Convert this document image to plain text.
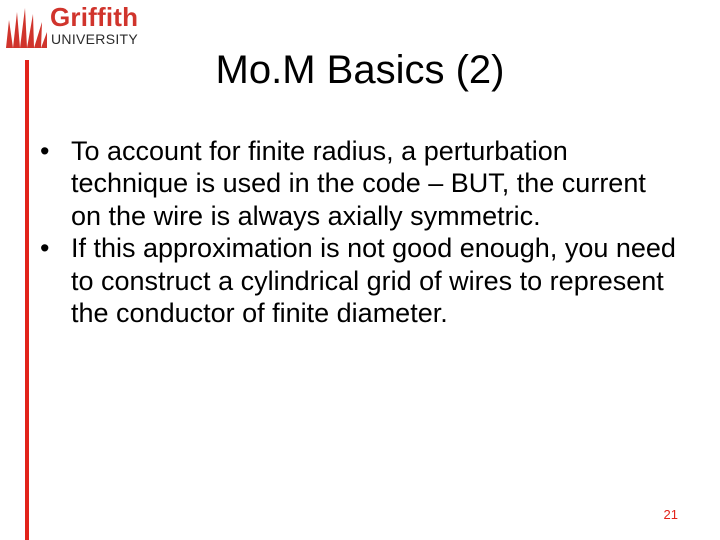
Griffith
UNIVERSITY
Mo.M Basics (2)
• To account for finite radius, a perturbation technique is used in the code – BUT, the current on the wire is always axially symmetric.
• If this approximation is not good enough, you need to construct a cylindrical grid of wires to represent the conductor of finite diameter.
21
